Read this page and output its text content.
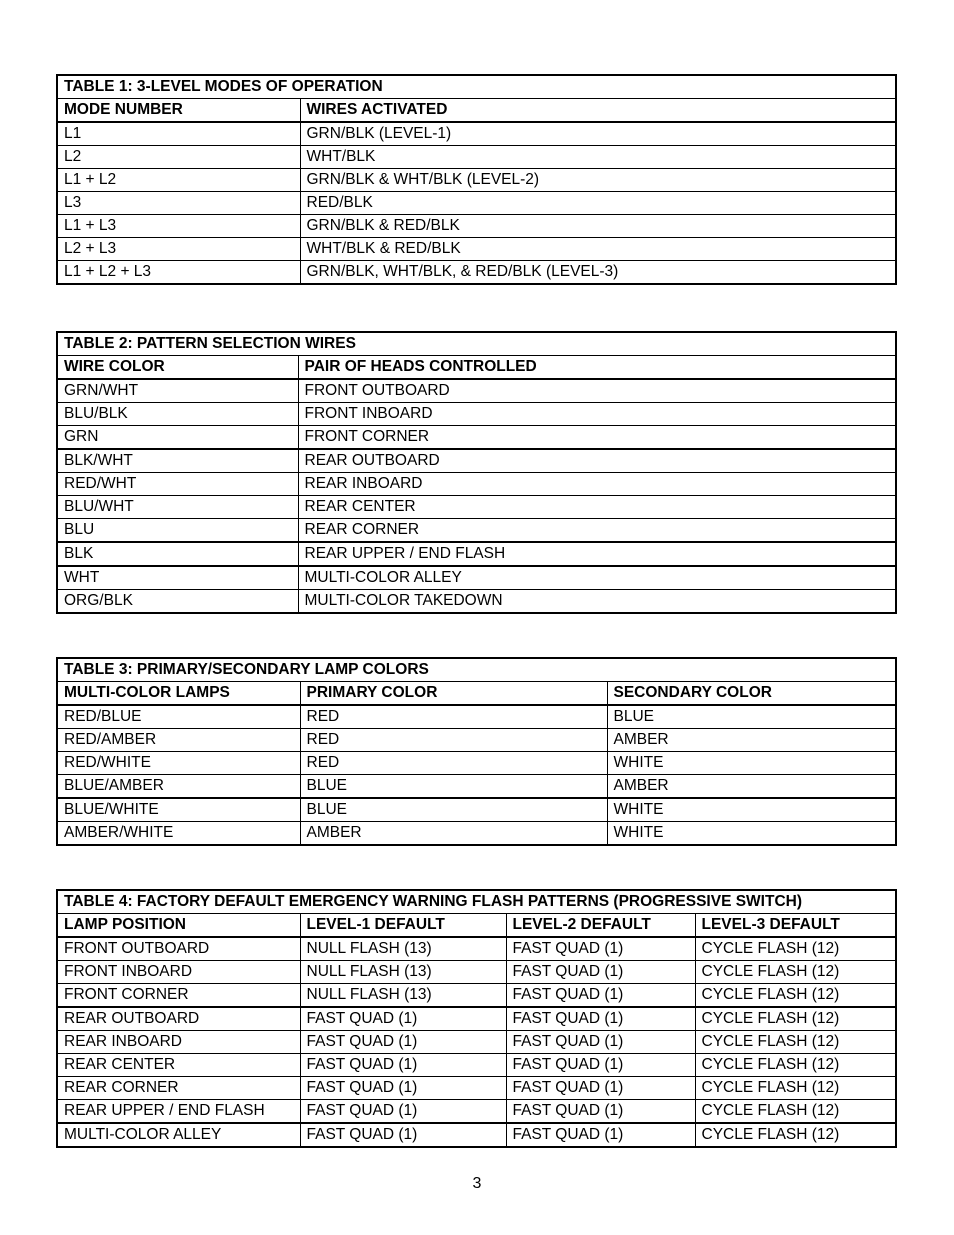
TABLE 1: 3-LEVEL MODES OF OPERATION	
MODE NUMBER	WIRES ACTIVATED
L1	GRN/BLK (LEVEL-1)
L2	WHT/BLK
L1 + L2	GRN/BLK & WHT/BLK (LEVEL-2)
L3	RED/BLK
L1 + L3	GRN/BLK & RED/BLK
L2 + L3	WHT/BLK & RED/BLK
L1 + L2 + L3	GRN/BLK, WHT/BLK, & RED/BLK (LEVEL-3)
TABLE 2: PATTERN SELECTION WIRES	
WIRE COLOR	PAIR OF HEADS CONTROLLED
GRN/WHT	FRONT OUTBOARD
BLU/BLK	FRONT INBOARD
GRN	FRONT CORNER
BLK/WHT	REAR OUTBOARD
RED/WHT	REAR INBOARD
BLU/WHT	REAR CENTER
BLU	REAR CORNER
BLK	REAR UPPER / END FLASH
WHT	MULTI-COLOR ALLEY
ORG/BLK	MULTI-COLOR TAKEDOWN
TABLE 3: PRIMARY/SECONDARY LAMP COLORS		
MULTI-COLOR LAMPS	PRIMARY COLOR	SECONDARY COLOR
RED/BLUE	RED	BLUE
RED/AMBER	RED	AMBER
RED/WHITE	RED	WHITE
BLUE/AMBER	BLUE	AMBER
BLUE/WHITE	BLUE	WHITE
AMBER/WHITE	AMBER	WHITE
TABLE 4: FACTORY DEFAULT EMERGENCY WARNING FLASH PATTERNS (PROGRESSIVE SWITCH)			
LAMP POSITION	LEVEL-1 DEFAULT	LEVEL-2 DEFAULT	LEVEL-3 DEFAULT
FRONT OUTBOARD	NULL FLASH (13)	FAST QUAD (1)	CYCLE FLASH (12)
FRONT INBOARD	NULL FLASH (13)	FAST QUAD (1)	CYCLE FLASH (12)
FRONT CORNER	NULL FLASH (13)	FAST QUAD (1)	CYCLE FLASH (12)
REAR OUTBOARD	FAST QUAD (1)	FAST QUAD (1)	CYCLE FLASH (12)
REAR INBOARD	FAST QUAD (1)	FAST QUAD (1)	CYCLE FLASH (12)
REAR CENTER	FAST QUAD (1)	FAST QUAD (1)	CYCLE FLASH (12)
REAR CORNER	FAST QUAD (1)	FAST QUAD (1)	CYCLE FLASH (12)
REAR UPPER / END FLASH	FAST QUAD (1)	FAST QUAD (1)	CYCLE FLASH (12)
MULTI-COLOR ALLEY	FAST QUAD (1)	FAST QUAD (1)	CYCLE FLASH (12)
3
